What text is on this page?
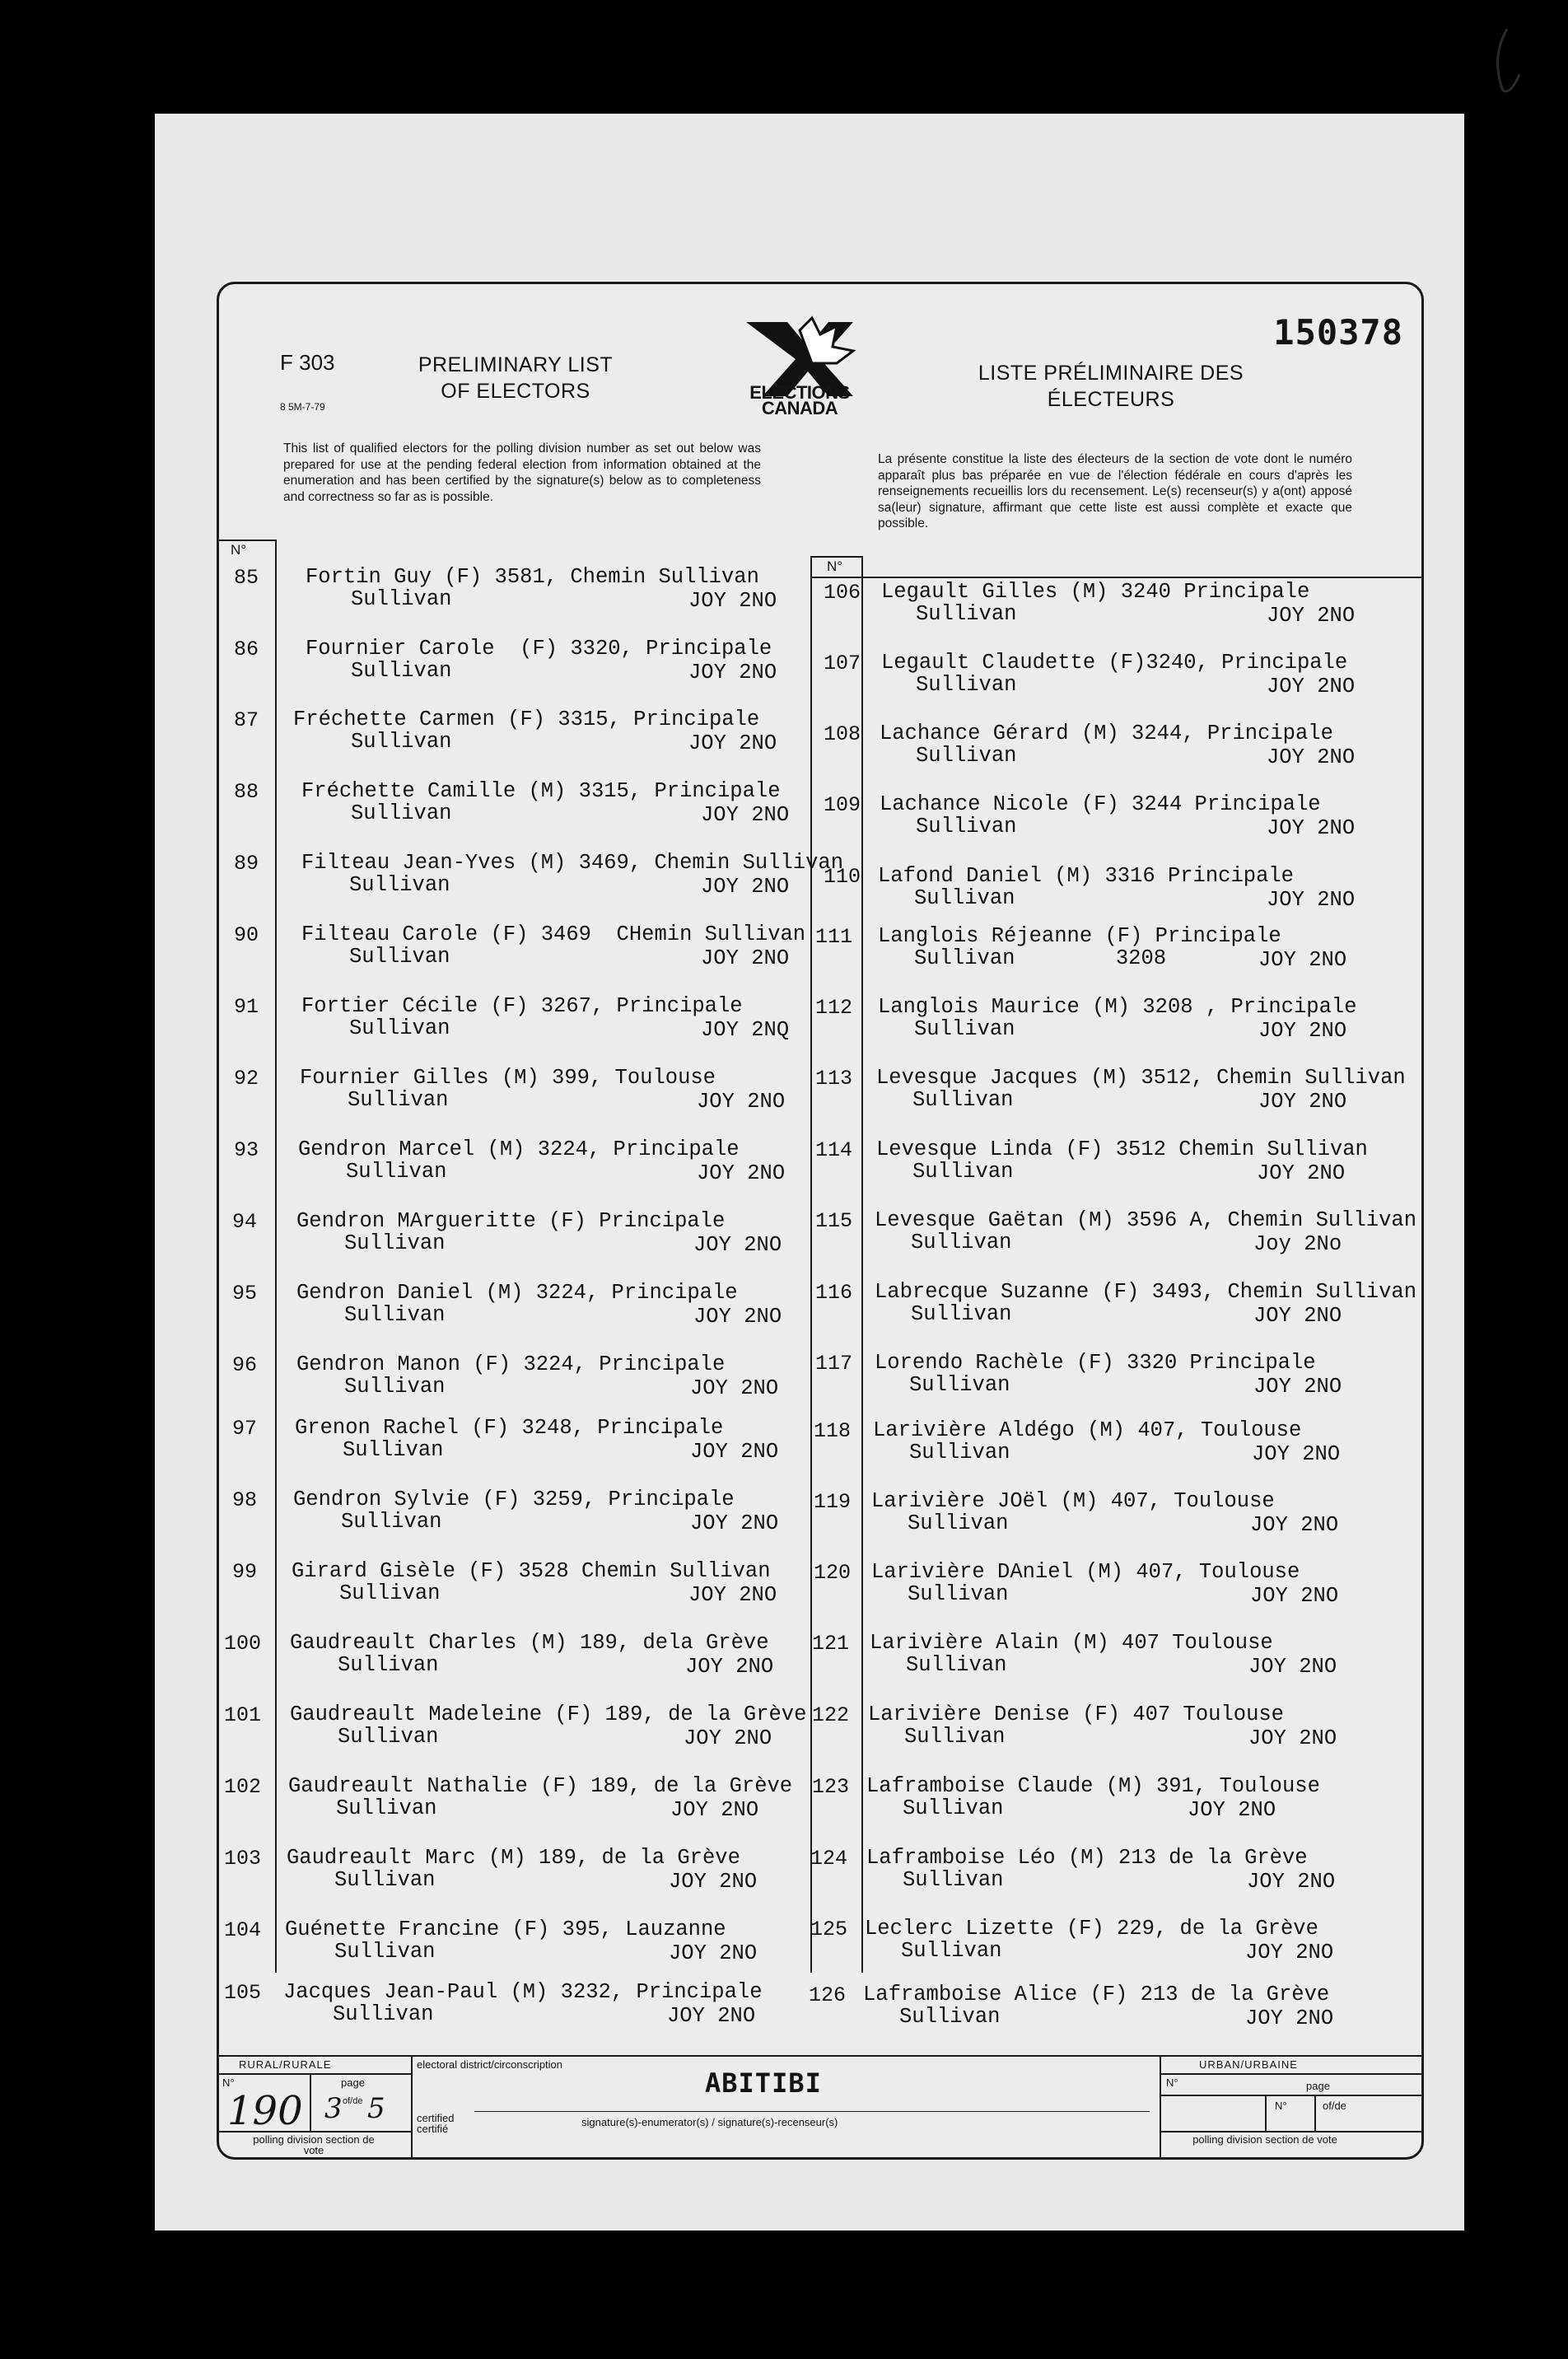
F 303
8 5M-7-79
PRELIMINARY LIST OF ELECTORS	ELECTIONS CANADA
LISTE PRÉLIMINAIRE DES ÉLECTEURS
150378
This list of qualified electors for the polling division number as set out below was prepared for use at the pending federal election from information obtained at the enumeration and has been certified by the signature(s) below as to completeness and correctness so far as is possible.
La présente constitue la liste des électeurs de la section de vote dont le numéro apparaît plus bas préparée en vue de l'élection fédérale en cours d'après les renseignements recueillis lors du recensement. Le(s) recenseur(s) y a(ont) apposé sa(leur) signature, affirmant que cette liste est aussi complète et exacte que possible.
N°
N°
85 Fortin Guy (F) 3581, Chemin Sullivan
Sullivan	JOY 2NO
86 Fournier Carole  (F) 3320, Principale
Sullivan	JOY 2NO
87 Fréchette Carmen (F) 3315, Principale
Sullivan	JOY 2NO
88 Fréchette Camille (M) 3315, Principale
Sullivan	JOY 2NO
89 Filteau Jean-Yves (M) 3469, Chemin Sullivan
Sullivan	JOY 2NO
90 Filteau Carole (F) 3469  CHemin Sullivan
Sullivan	JOY 2NO
91 Fortier Cécile (F) 3267, Principale
Sullivan	JOY 2NQ
92 Fournier Gilles (M) 399, Toulouse
Sullivan	JOY 2NO
93 Gendron Marcel (M) 3224, Principale
Sullivan	JOY 2NO
94 Gendron MArgueritte (F) Principale
Sullivan	JOY 2NO
95 Gendron Daniel (M) 3224, Principale
Sullivan	JOY 2NO
96 Gendron Manon (F) 3224, Principale
Sullivan	JOY 2NO
97 Grenon Rachel (F) 3248, Principale
Sullivan	JOY 2NO
98 Gendron Sylvie (F) 3259, Principale
Sullivan	JOY 2NO
99 Girard Gisèle (F) 3528 Chemin Sullivan
Sullivan	JOY 2NO
100 Gaudreault Charles (M) 189, dela Grève
Sullivan	JOY 2NO
101 Gaudreault Madeleine (F) 189, de la Grève
Sullivan	JOY 2NO
102 Gaudreault Nathalie (F) 189, de la Grève
Sullivan	JOY 2NO
103 Gaudreault Marc (M) 189, de la Grève
Sullivan	JOY 2NO
104 Guénette Francine (F) 395, Lauzanne
Sullivan	JOY 2NO
105 Jacques Jean-Paul (M) 3232, Principale
Sullivan	JOY 2NO
106 Legault Gilles (M) 3240 Principale
Sullivan	JOY 2NO
107 Legault Claudette (F)3240, Principale
Sullivan	JOY 2NO
108 Lachance Gérard (M) 3244, Principale
Sullivan	JOY 2NO
109 Lachance Nicole (F) 3244 Principale
Sullivan	JOY 2NO
110 Lafond Daniel (M) 3316 Principale
Sullivan	JOY 2NO
111 Langlois Réjeanne (F) Principale
Sullivan        3208	JOY 2NO
112 Langlois Maurice (M) 3208 , Principale
Sullivan	JOY 2NO
113 Levesque Jacques (M) 3512, Chemin Sullivan
Sullivan	JOY 2NO
114 Levesque Linda (F) 3512 Chemin Sullivan
Sullivan	JOY 2NO
115 Levesque Gaëtan (M) 3596 A, Chemin Sullivan
Sullivan	Joy 2No
116 Labrecque Suzanne (F) 3493, Chemin Sullivan
Sullivan	JOY 2NO
117 Lorendo Rachèle (F) 3320 Principale
Sullivan	JOY 2NO
118 Larivière Aldégo (M) 407, Toulouse
Sullivan	JOY 2NO
119 Larivière JOël (M) 407, Toulouse
Sullivan	JOY 2NO
120 Larivière DAniel (M) 407, Toulouse
Sullivan	JOY 2NO
121 Larivière Alain (M) 407 Toulouse
Sullivan	JOY 2NO
122 Larivière Denise (F) 407 Toulouse
Sullivan	JOY 2NO
123 Laframboise Claude (M) 391, Toulouse
Sullivan	JOY 2NO
124 Laframboise Léo (M) 213 de la Grève
Sullivan	JOY 2NO
125 Leclerc Lizette (F) 229, de la Grève
Sullivan	JOY 2NO
126 Laframboise Alice (F) 213 de la Grève
Sullivan	JOY 2NO
RURAL/RURALE
N°	page
190 3 of/de 5
polling division section de vote
electoral district/circonscription
ABITIBI
certified certifié
signature(s)-enumerator(s) / signature(s)-recenseur(s)
URBAN/URBAINE
N°	page
N°	of/de
polling division section de vote
